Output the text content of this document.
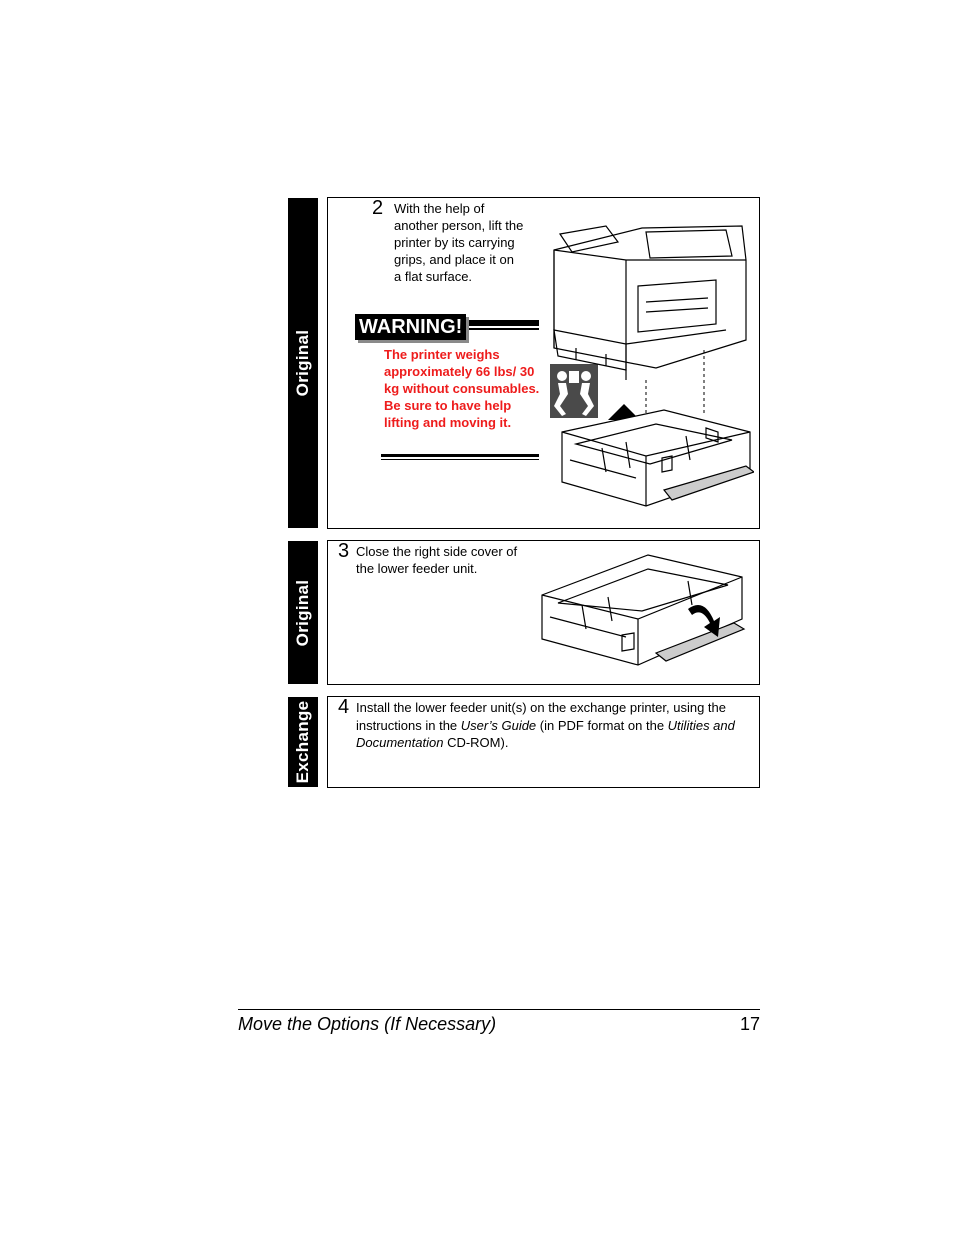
Original
2 With the help of another person, lift the printer by its carrying grips, and place it on a flat surface.
WARNING!
The printer weighs approximately 66 lbs/ 30 kg without consumables. Be sure to have help lifting and moving it.
Original
3 Close the right side cover of the lower feeder unit.
Exchange 4 Install the lower feeder unit(s) on the exchange printer, using the instructions in the User’s Guide (in PDF format on the Utilities and Documentation CD-ROM).
Move the Options (If Necessary)	17
